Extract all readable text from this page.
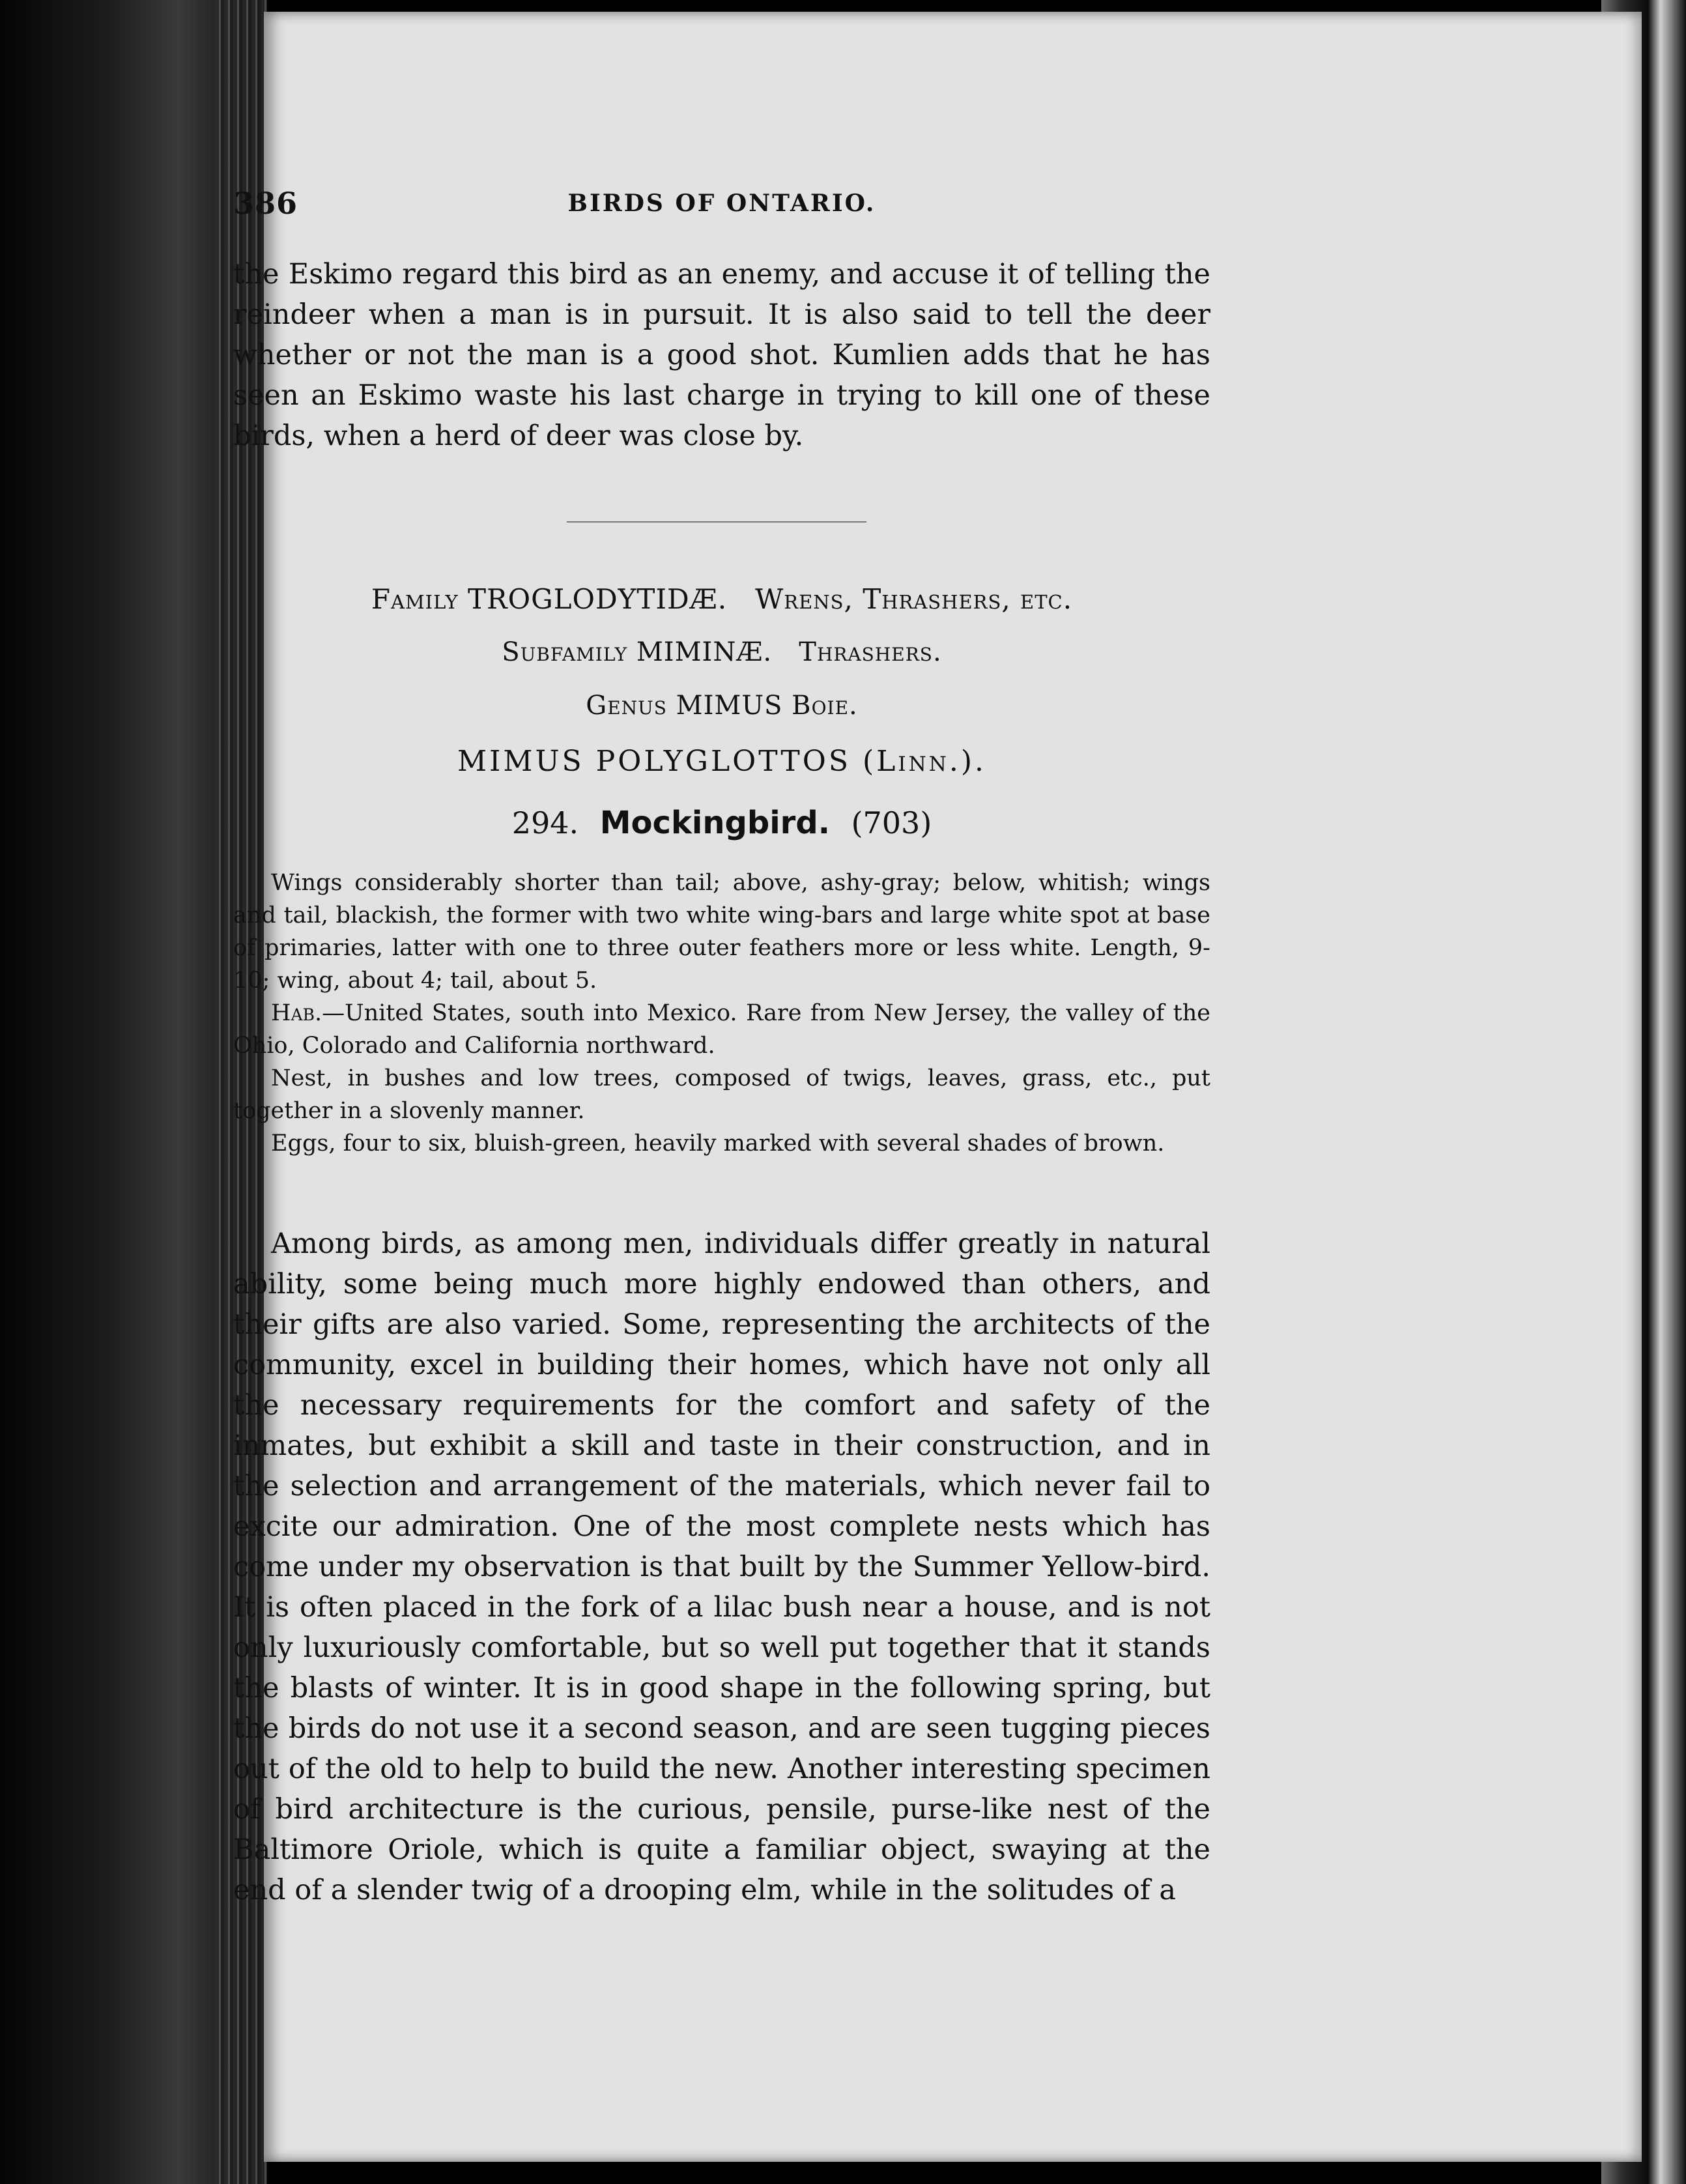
386	BIRDS OF ONTARIO.

the Eskimo regard this bird as an enemy, and accuse it of telling the reindeer when a man is in pursuit. It is also said to tell the deer whether or not the man is a good shot. Kumlien adds that he has seen an Eskimo waste his last charge in trying to kill one of these birds, when a herd of deer was close by.

Family TROGLODYTIDÆ. Wrens, Thrashers, etc.
Subfamily MIMINÆ. Thrashers.
Genus MIMUS Boie.
MIMUS POLYGLOTTOS (Linn.).
294. Mockingbird. (703)

Wings considerably shorter than tail; above, ashy-gray; below, whitish; wings and tail, blackish, the former with two white wing-bars and large white spot at base of primaries, latter with one to three outer feathers more or less white. Length, 9-10; wing, about 4; tail, about 5.

Hab.—United States, south into Mexico. Rare from New Jersey, the valley of the Ohio, Colorado and California northward.

Nest, in bushes and low trees, composed of twigs, leaves, grass, etc., put together in a slovenly manner.

Eggs, four to six, bluish-green, heavily marked with several shades of brown.

Among birds, as among men, individuals differ greatly in natural ability, some being much more highly endowed than others, and their gifts are also varied. Some, representing the architects of the community, excel in building their homes, which have not only all the necessary requirements for the comfort and safety of the inmates, but exhibit a skill and taste in their construction, and in the selection and arrangement of the materials, which never fail to excite our admiration. One of the most complete nests which has come under my observation is that built by the Summer Yellow-bird. It is often placed in the fork of a lilac bush near a house, and is not only luxuriously comfortable, but so well put together that it stands the blasts of winter. It is in good shape in the following spring, but the birds do not use it a second season, and are seen tugging pieces out of the old to help to build the new. Another interesting specimen of bird architecture is the curious, pensile, purse-like nest of the Baltimore Oriole, which is quite a familiar object, swaying at the end of a slender twig of a drooping elm, while in the solitudes of a
